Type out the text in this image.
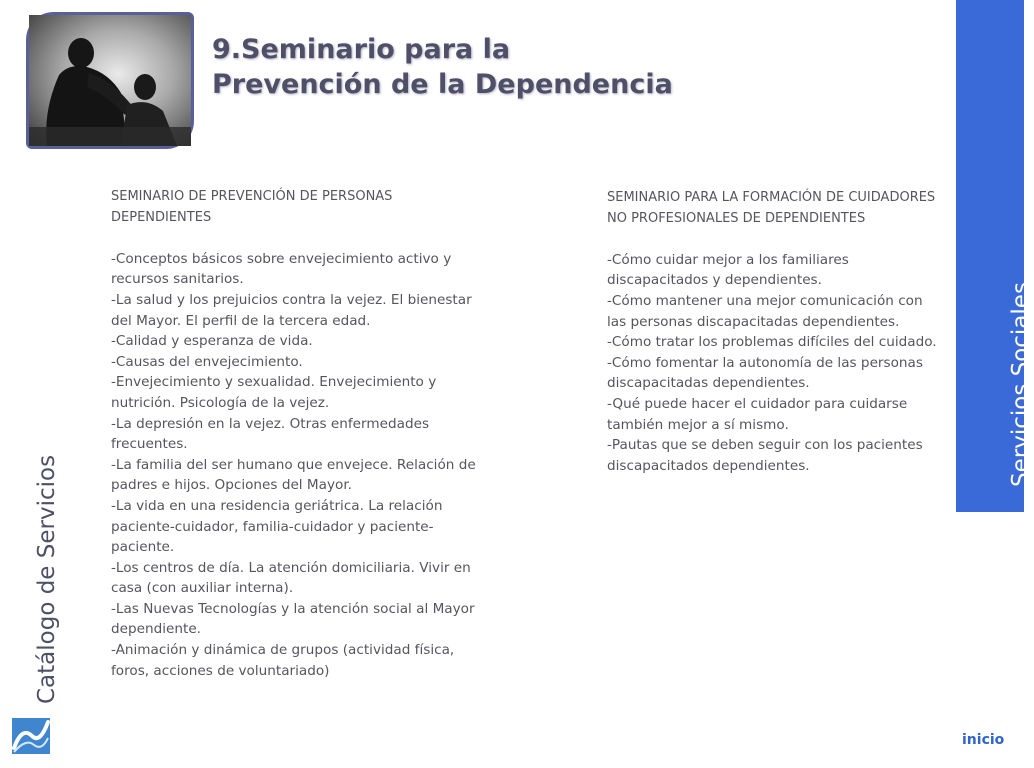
9.Seminario para la
Prevención de la Dependencia
Catálogo de Servicios
Servicios Sociales

SEMINARIO DE PREVENCIÓN DE PERSONAS DEPENDIENTES

-Conceptos básicos sobre envejecimiento activo y recursos sanitarios.
-La salud y los prejuicios contra la vejez. El bienestar del Mayor. El perfil de la tercera edad.
-Calidad y esperanza de vida.
-Causas del envejecimiento.
-Envejecimiento y sexualidad. Envejecimiento y nutrición. Psicología de la vejez.
-La depresión en la vejez. Otras enfermedades frecuentes.
-La familia del ser humano que envejece. Relación de padres e hijos. Opciones del Mayor.
-La vida en una residencia geriátrica. La relación paciente-cuidador, familia-cuidador y paciente-paciente.
-Los centros de día. La atención domiciliaria. Vivir en casa (con auxiliar interna).
-Las Nuevas Tecnologías y la atención social al Mayor dependiente.
-Animación y dinámica de grupos (actividad física, foros, acciones de voluntariado)

SEMINARIO PARA LA FORMACIÓN DE CUIDADORES NO PROFESIONALES DE DEPENDIENTES

-Cómo cuidar mejor a los familiares discapacitados y dependientes.
-Cómo mantener una mejor comunicación con las personas discapacitadas dependientes.
-Cómo tratar los problemas difíciles del cuidado.
-Cómo fomentar la autonomía de las personas discapacitadas dependientes.
-Qué puede hacer el cuidador para cuidarse también mejor a sí mismo.
-Pautas que se deben seguir con los pacientes discapacitados dependientes.
inicio
